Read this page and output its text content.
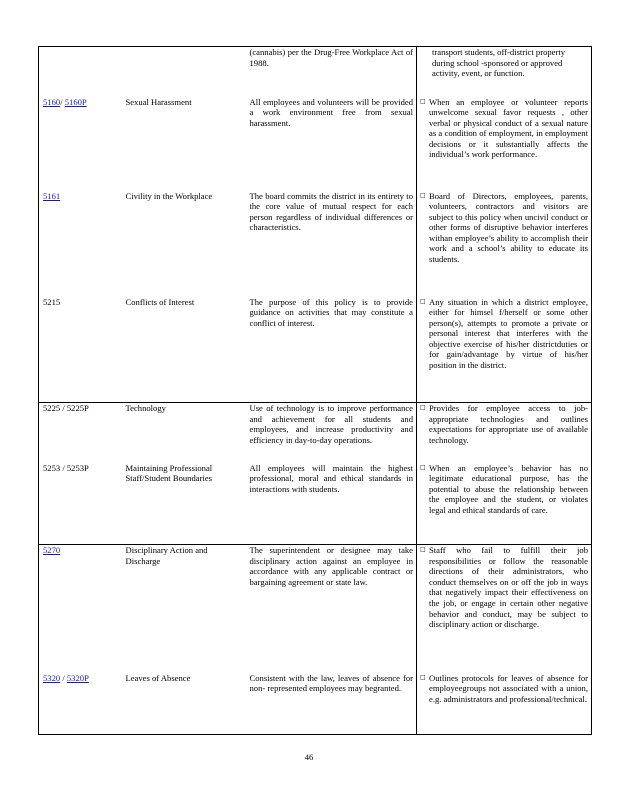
		(cannabis) per the Drug-Free Workplace Act of 1988.	transport students, off-district property during school -sponsored or approved activity, event, or function.

5160/ 5160P	Sexual Harassment	All employees and volunteers will be provided a work environment free from sexual harassment.	□ When an employee or volunteer reports unwelcome sexual favor requests , other verbal or physical conduct of a sexual nature as a condition of employment, in employment decisions or it substantially affects the individual’s work performance.

5161	Civility in the Workplace	The board commits the district in its entirety to the core value of mutual respect for each person regardless of individual differences or characteristics.	□ Board of Directors, employees, parents, volunteers, contractors and visitors are subject to this policy when uncivil conduct or other forms of disruptive behavior interferes withan employee’s ability to accomplish their work and a school’s ability to educate its students.

5215	Conflicts of Interest	The purpose of this policy is to provide guidance on activities that may constitute a conflict of interest.	□ Any situation in which a district employee, either for himsel f/herself or some other person(s), attempts to promote a private or personal interest that interferes with the objective exercise of his/her districtduties or for gain/advantage by virtue of his/her position in the district.

5225 / 5225P	Technology	Use of technology is to improve performance and achievement for all students and employees, and increase productivity and efficiency in day-to-day operations.	□ Provides for employee access to job-appropriate technologies and outlines expectations for appropriate use of available technology.

5253 / 5253P	Maintaining Professional Staff/Student Boundaries	All employees will maintain the highest professional, moral and ethical standards in interactions with students.	□ When an employee’s behavior has no legitimate educational purpose, has the potential to abuse the relationship between the employee and the student, or violates legal and ethical standards of care.

5270	Disciplinary Action and Discharge	The superintendent or designee may take disciplinary action against an employee in accordance with any applicable contract or bargaining agreement or state law.	□ Staff who fail to fulfill their job responsibilities or follow the reasonable directions of their administrators, who conduct themselves on or off the job in ways that negatively impact their effectiveness on the job, or engage in certain other negative behavior and conduct, may be subject to disciplinary action or discharge.

5320 / 5320P	Leaves of Absence	Consistent with the law, leaves of absence for non- represented employees may begranted.	□ Outlines protocols for leaves of absence for employeegroups not associated with a union, e.g. administrators and professional/technical.
46
